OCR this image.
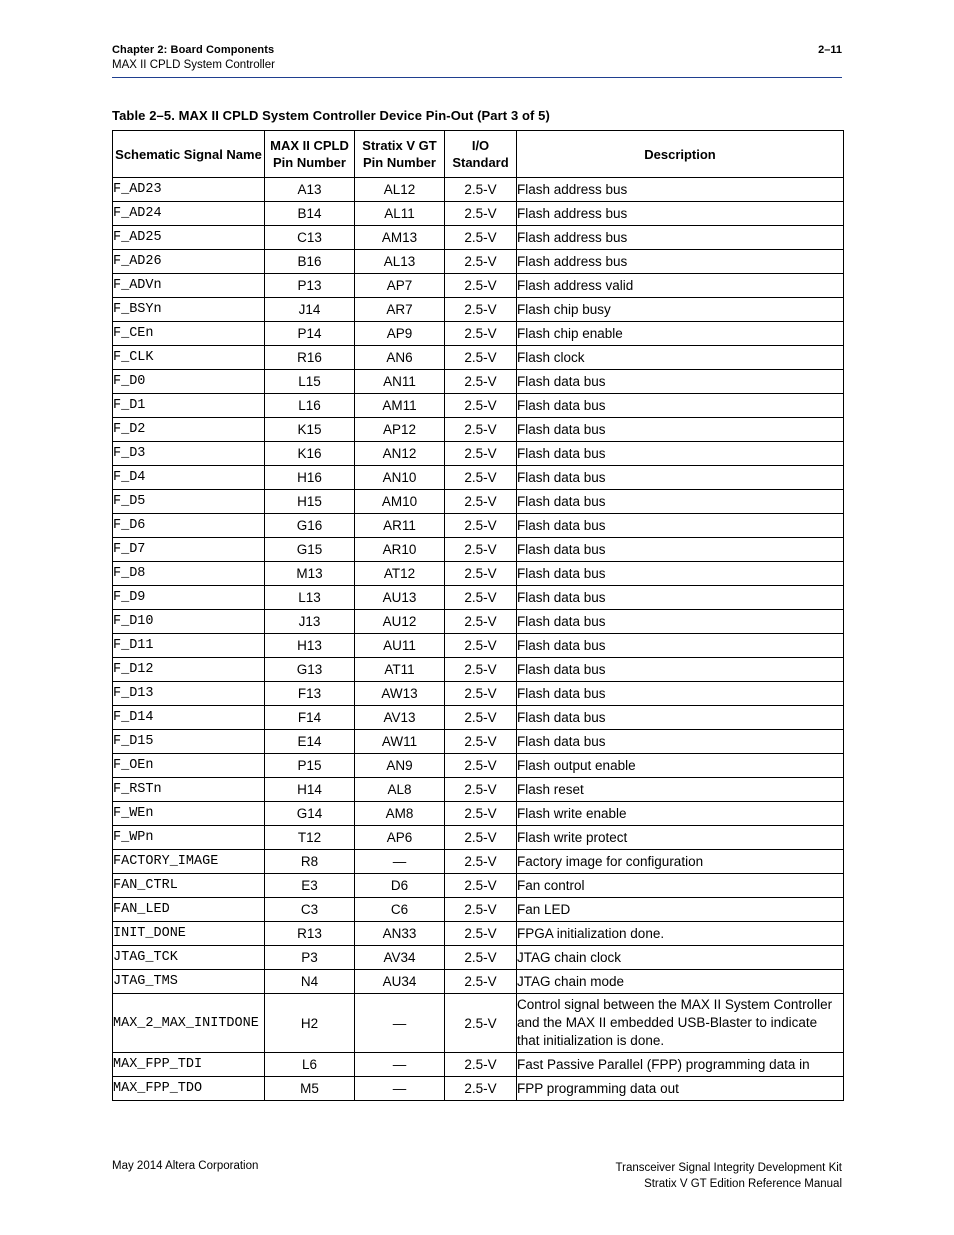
Chapter 2: Board Components
MAX II CPLD System Controller
2–11
Table 2–5. MAX II CPLD System Controller Device Pin-Out (Part 3 of 5)
Schematic Signal Name	MAX II CPLD Pin Number	Stratix V GT Pin Number	I/O Standard	Description
F_AD23	A13	AL12	2.5-V	Flash address bus
F_AD24	B14	AL11	2.5-V	Flash address bus
F_AD25	C13	AM13	2.5-V	Flash address bus
F_AD26	B16	AL13	2.5-V	Flash address bus
F_ADVn	P13	AP7	2.5-V	Flash address valid
F_BSYn	J14	AR7	2.5-V	Flash chip busy
F_CEn	P14	AP9	2.5-V	Flash chip enable
F_CLK	R16	AN6	2.5-V	Flash clock
F_D0	L15	AN11	2.5-V	Flash data bus
F_D1	L16	AM11	2.5-V	Flash data bus
F_D2	K15	AP12	2.5-V	Flash data bus
F_D3	K16	AN12	2.5-V	Flash data bus
F_D4	H16	AN10	2.5-V	Flash data bus
F_D5	H15	AM10	2.5-V	Flash data bus
F_D6	G16	AR11	2.5-V	Flash data bus
F_D7	G15	AR10	2.5-V	Flash data bus
F_D8	M13	AT12	2.5-V	Flash data bus
F_D9	L13	AU13	2.5-V	Flash data bus
F_D10	J13	AU12	2.5-V	Flash data bus
F_D11	H13	AU11	2.5-V	Flash data bus
F_D12	G13	AT11	2.5-V	Flash data bus
F_D13	F13	AW13	2.5-V	Flash data bus
F_D14	F14	AV13	2.5-V	Flash data bus
F_D15	E14	AW11	2.5-V	Flash data bus
F_OEn	P15	AN9	2.5-V	Flash output enable
F_RSTn	H14	AL8	2.5-V	Flash reset
F_WEn	G14	AM8	2.5-V	Flash write enable
F_WPn	T12	AP6	2.5-V	Flash write protect
FACTORY_IMAGE	R8	—	2.5-V	Factory image for configuration
FAN_CTRL	E3	D6	2.5-V	Fan control
FAN_LED	C3	C6	2.5-V	Fan LED
INIT_DONE	R13	AN33	2.5-V	FPGA initialization done.
JTAG_TCK	P3	AV34	2.5-V	JTAG chain clock
JTAG_TMS	N4	AU34	2.5-V	JTAG chain mode
MAX_2_MAX_INITDONE	H2	—	2.5-V	Control signal between the MAX II System Controller and the MAX II embedded USB-Blaster to indicate that initialization is done.
MAX_FPP_TDI	L6	—	2.5-V	Fast Passive Parallel (FPP) programming data in
MAX_FPP_TDO	M5	—	2.5-V	FPP programming data out
May 2014 Altera Corporation	Transceiver Signal Integrity Development Kit
Stratix V GT Edition Reference Manual
